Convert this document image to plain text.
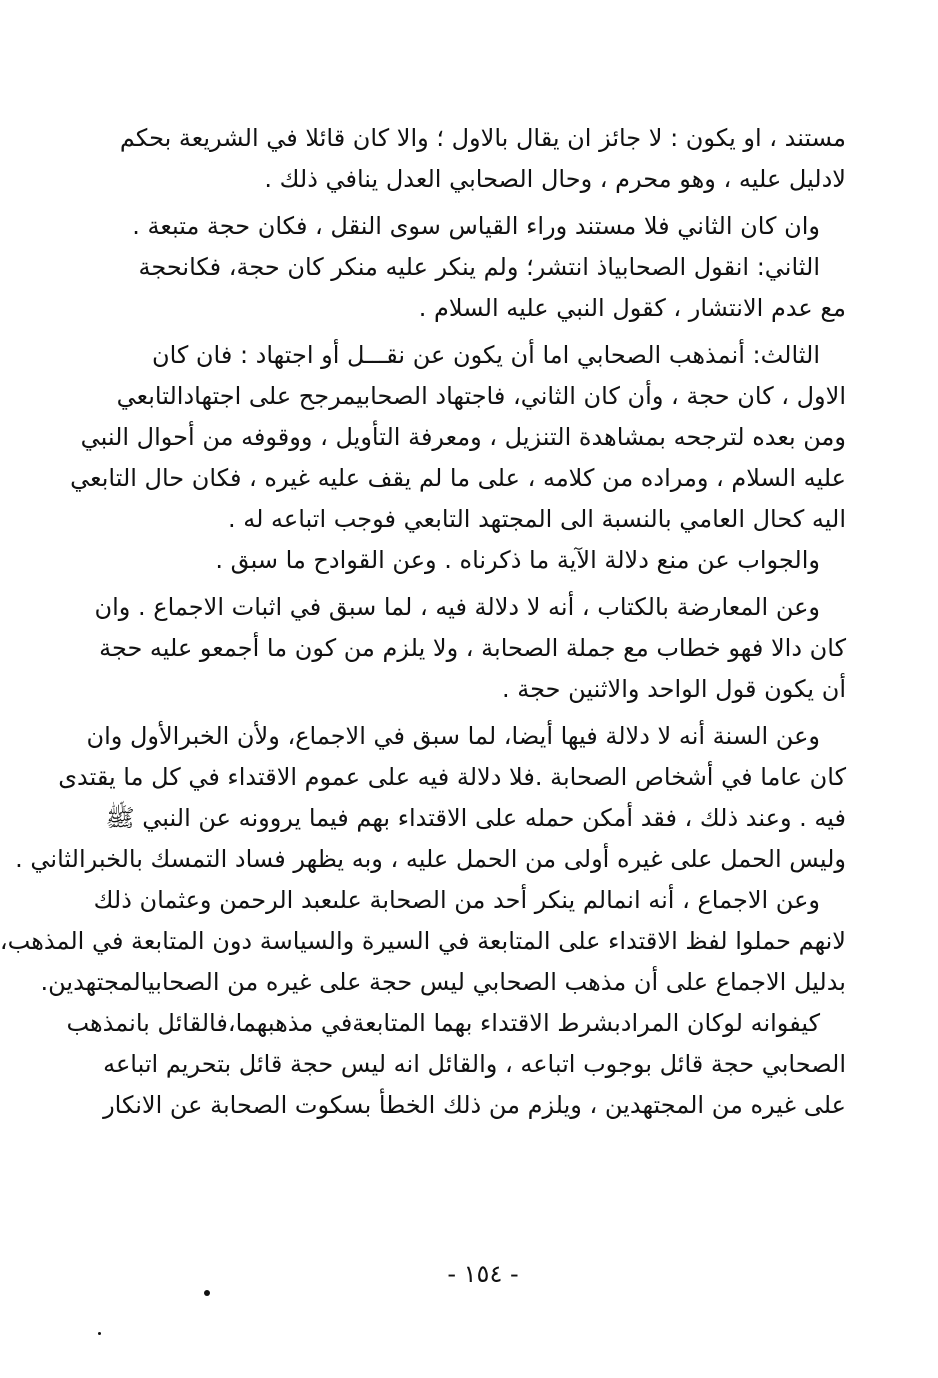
مستند ، او يكون : لا جائز ان يقال بالاول ؛ والا كان قائلا في الشريعة بحكم
لادليل عليه ، وهو محرم ، وحال الصحابي العدل ينافي ذلك .
وان كان الثاني فلا مستند وراء القياس سوى النقل ، فكان حجة متبعة .
الثاني: انقول الصحابياذ انتشر؛ ولم ينكر عليه منكر كان حجة، فكانحجة
مع عدم الانتشار ، كقول النبي عليه السلام .
الثالث: أنمذهب الصحابي اما أن يكون عن نقـــل أو اجتهاد : فان كان
الاول ، كان حجة ، وأن كان الثاني، فاجتهاد الصحابيمرجح على اجتهادالتابعي
ومن بعده لترجحه بمشاهدة التنزيل ، ومعرفة التأويل ، ووقوفه من أحوال النبي
عليه السلام ، ومراده من كلامه ، على ما لم يقف عليه غيره ، فكان حال التابعي
اليه كحال العامي بالنسبة الى المجتهد التابعي فوجب اتباعه له .
والجواب عن منع دلالة الآية ما ذكرناه . وعن القوادح ما سبق .
وعن المعارضة بالكتاب ، أنه لا دلالة فيه ، لما سبق في اثبات الاجماع . وان
كان دالا فهو خطاب مع جملة الصحابة ، ولا يلزم من كون ما أجمعو عليه حجة
أن يكون قول الواحد والاثنين حجة .
وعن السنة أنه لا دلالة فيها أيضا، لما سبق في الاجماع، ولأن الخبرالأول وان
كان عاما في أشخاص الصحابة .فلا دلالة فيه على عموم الاقتداء في كل ما يقتدى
فيه . وعند ذلك ، فقد أمكن حمله على الاقتداء بهم فيما يروونه عن النبي ﷺ
وليس الحمل على غيره أولى من الحمل عليه ، وبه يظهر فساد التمسك بالخبرالثاني .
وعن الاجماع ، أنه انمالم ينكر أحد من الصحابة علىعبد الرحمن وعثمان ذلك
لانهم حملوا لفظ الاقتداء على المتابعة في السيرة والسياسة دون المتابعة في المذهب،
بدليل الاجماع على أن مذهب الصحابي ليس حجة على غيره من الصحابيالمجتهدين.
كيفوانه لوكان المرادبشرط الاقتداء بهما المتابعةفي مذهبهما،فالقائل بانمذهب
الصحابي حجة قائل بوجوب اتباعه ، والقائل انه ليس حجة قائل بتحريم اتباعه
على غيره من المجتهدين ، ويلزم من ذلك الخطأ بسكوت الصحابة عن الانكار
- ١٥٤ -
